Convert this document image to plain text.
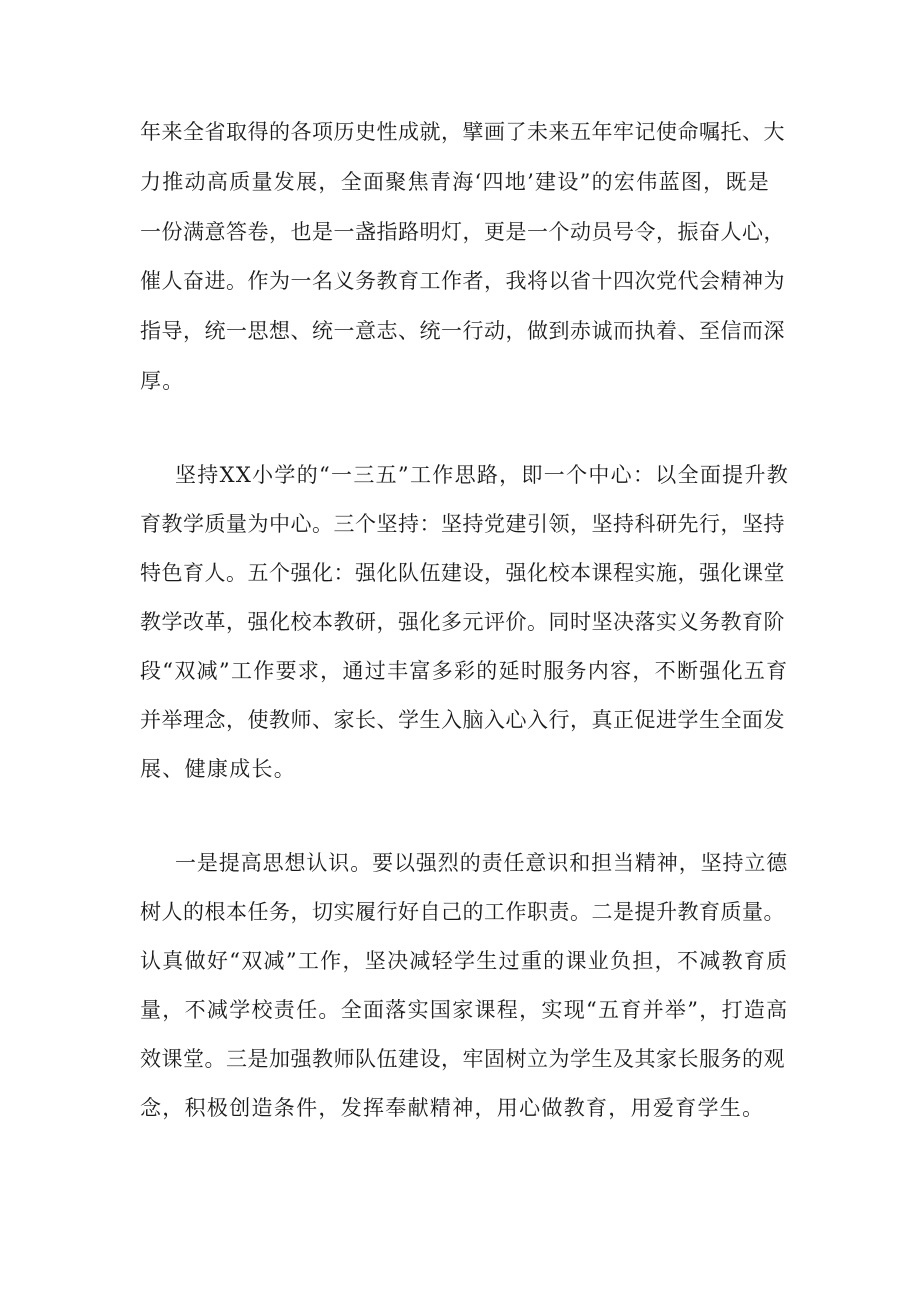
年来全省取得的各项历史性成就，擘画了未来五年牢记使命嘱托、大
力推动高质量发展，全面聚焦青海‘四地’建设”的宏伟蓝图，既是
一份满意答卷，也是一盏指路明灯，更是一个动员号令，振奋人心，
催人奋进。作为一名义务教育工作者，我将以省十四次党代会精神为
指导，统一思想、统一意志、统一行动，做到赤诚而执着、至信而深
厚。
坚持XX小学的“一三五”工作思路，即一个中心：以全面提升教
育教学质量为中心。三个坚持：坚持党建引领，坚持科研先行，坚持
特色育人。五个强化：强化队伍建设，强化校本课程实施，强化课堂
教学改革，强化校本教研，强化多元评价。同时坚决落实义务教育阶
段“双减”工作要求，通过丰富多彩的延时服务内容，不断强化五育
并举理念，使教师、家长、学生入脑入心入行，真正促进学生全面发
展、健康成长。
一是提高思想认识。要以强烈的责任意识和担当精神，坚持立德
树人的根本任务，切实履行好自己的工作职责。二是提升教育质量。
认真做好“双减”工作，坚决减轻学生过重的课业负担，不减教育质
量，不减学校责任。全面落实国家课程，实现“五育并举”，打造高
效课堂。三是加强教师队伍建设，牢固树立为学生及其家长服务的观
念，积极创造条件，发挥奉献精神，用心做教育，用爱育学生。
